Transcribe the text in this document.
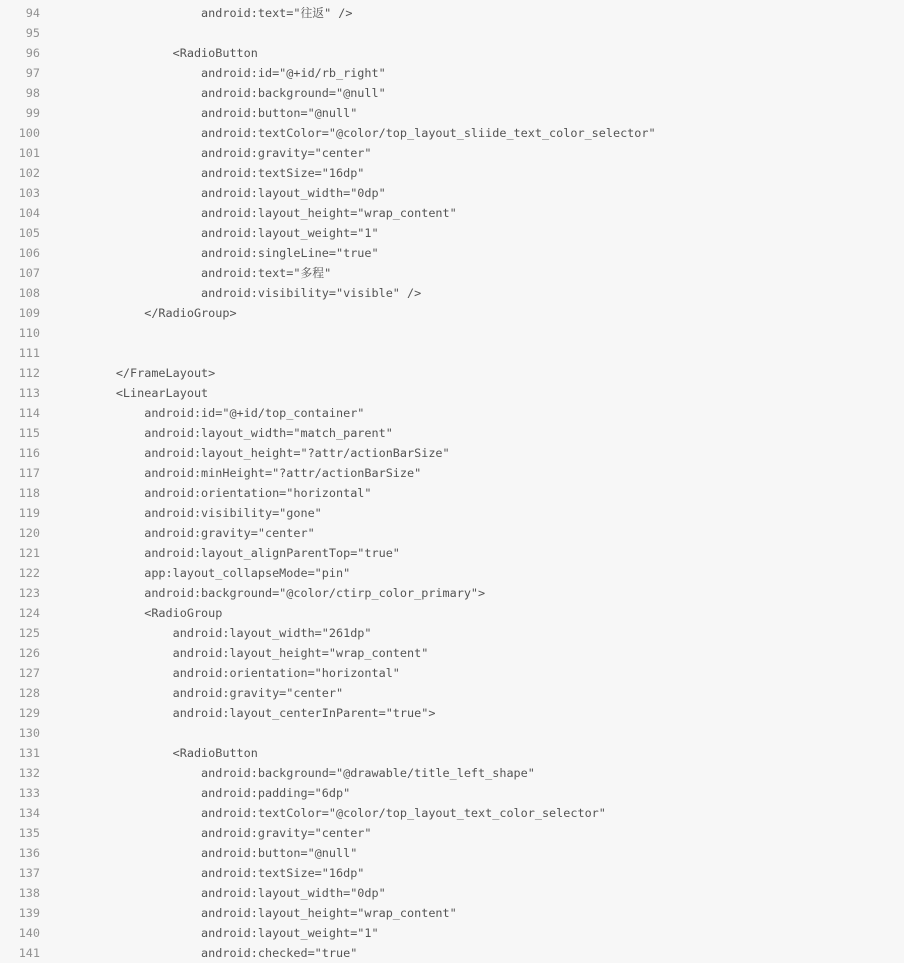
94 android:text="往返" />
95
96 <RadioButton
97 android:id="@+id/rb_right"
98 android:background="@null"
99 android:button="@null"
100 android:textColor="@color/top_layout_sliide_text_color_selector"
101 android:gravity="center"
102 android:textSize="16dp"
103 android:layout_width="0dp"
104 android:layout_height="wrap_content"
105 android:layout_weight="1"
106 android:singleLine="true"
107 android:text="多程"
108 android:visibility="visible" />
109 </RadioGroup>
110
111
112 </FrameLayout>
113 <LinearLayout
114 android:id="@+id/top_container"
115 android:layout_width="match_parent"
116 android:layout_height="?attr/actionBarSize"
117 android:minHeight="?attr/actionBarSize"
118 android:orientation="horizontal"
119 android:visibility="gone"
120 android:gravity="center"
121 android:layout_alignParentTop="true"
122 app:layout_collapseMode="pin"
123 android:background="@color/ctirp_color_primary">
124 <RadioGroup
125 android:layout_width="261dp"
126 android:layout_height="wrap_content"
127 android:orientation="horizontal"
128 android:gravity="center"
129 android:layout_centerInParent="true">
130
131 <RadioButton
132 android:background="@drawable/title_left_shape"
133 android:padding="6dp"
134 android:textColor="@color/top_layout_text_color_selector"
135 android:gravity="center"
136 android:button="@null"
137 android:textSize="16dp"
138 android:layout_width="0dp"
139 android:layout_height="wrap_content"
140 android:layout_weight="1"
141 android:checked="true"
